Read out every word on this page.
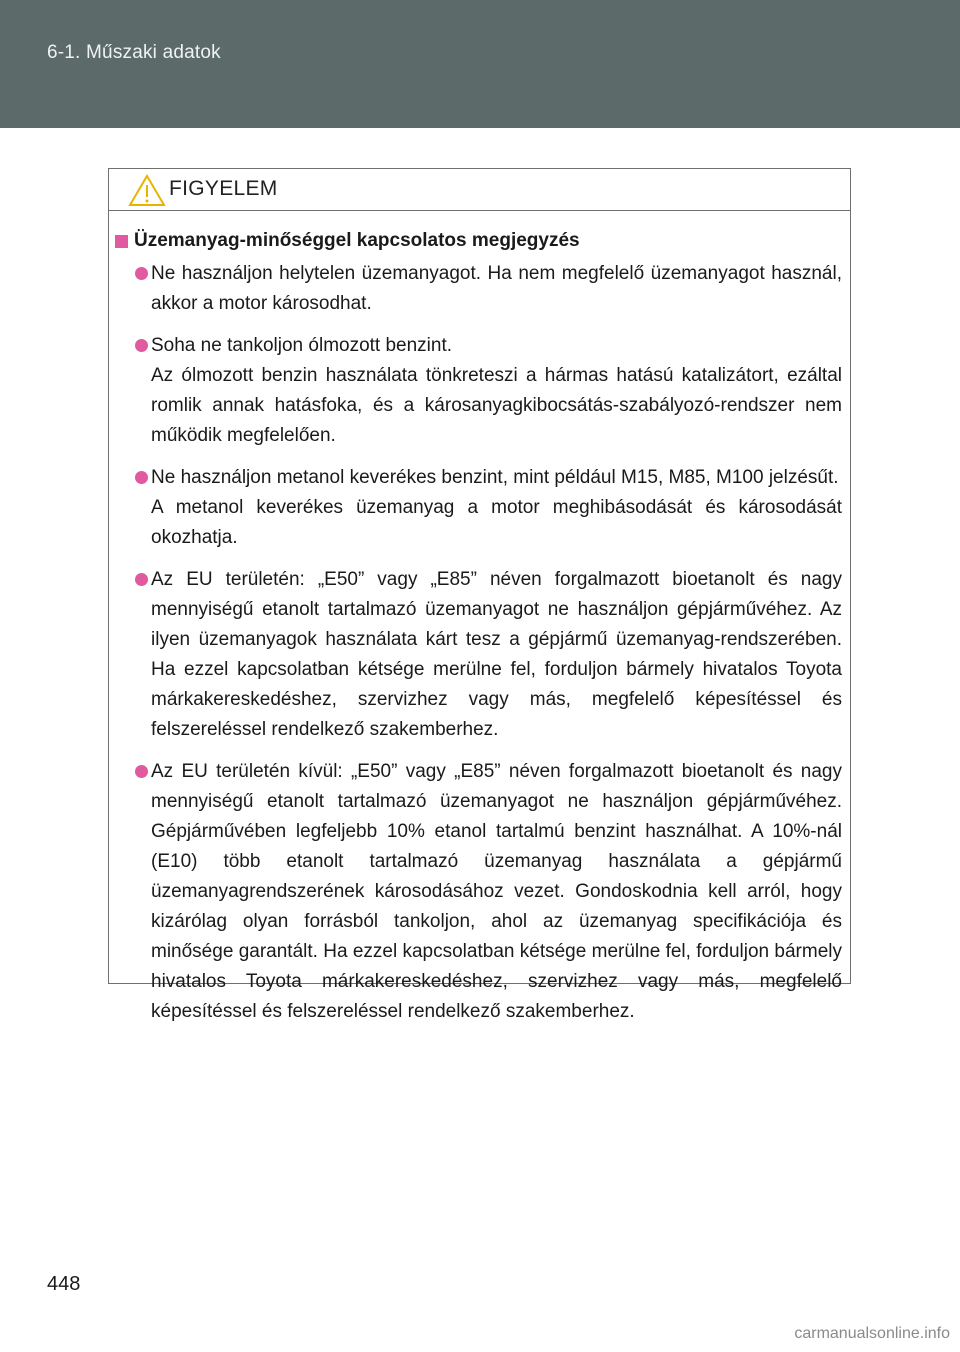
6-1. Műszaki adatok
FIGYELEM
Üzemanyag-minőséggel kapcsolatos megjegyzés

Ne használjon helytelen üzemanyagot. Ha nem megfelelő üzemanyagot használ, akkor a motor károsodhat.

Soha ne tankoljon ólmozott benzint.

Az ólmozott benzin használata tönkreteszi a hármas hatású katalizátort, ezáltal romlik annak hatásfoka, és a károsanyagkibocsátás-szabályozó-rendszer nem működik megfelelően.

Ne használjon metanol keverékes benzint, mint például M15, M85, M100 jelzésűt.

A metanol keverékes üzemanyag a motor meghibásodását és károsodását okozhatja.

Az EU területén: „E50” vagy „E85” néven forgalmazott bioetanolt és nagy mennyiségű etanolt tartalmazó üzemanyagot ne használjon gépjárművéhez. Az ilyen üzemanyagok használata kárt tesz a gépjármű üzemanyag-rendszerében. Ha ezzel kapcsolatban kétsége merülne fel, forduljon bármely hivatalos Toyota márkakereskedéshez, szervizhez vagy más, megfelelő képesítéssel és felszereléssel rendelkező szakemberhez.

Az EU területén kívül: „E50” vagy „E85” néven forgalmazott bioetanolt és nagy mennyiségű etanolt tartalmazó üzemanyagot ne használjon gépjárművéhez. Gépjárművében legfeljebb 10% etanol tartalmú benzint használhat. A 10%-nál (E10) több etanolt tartalmazó üzemanyag használata a gépjármű üzemanyagrendszerének károsodásához vezet. Gondoskodnia kell arról, hogy kizárólag olyan forrásból tankoljon, ahol az üzemanyag specifikációja és minősége garantált. Ha ezzel kapcsolatban kétsége merülne fel, forduljon bármely hivatalos Toyota márkakereskedéshez, szervizhez vagy más, megfelelő képesítéssel és felszereléssel rendelkező szakemberhez.

448
carmanualsonline.info
